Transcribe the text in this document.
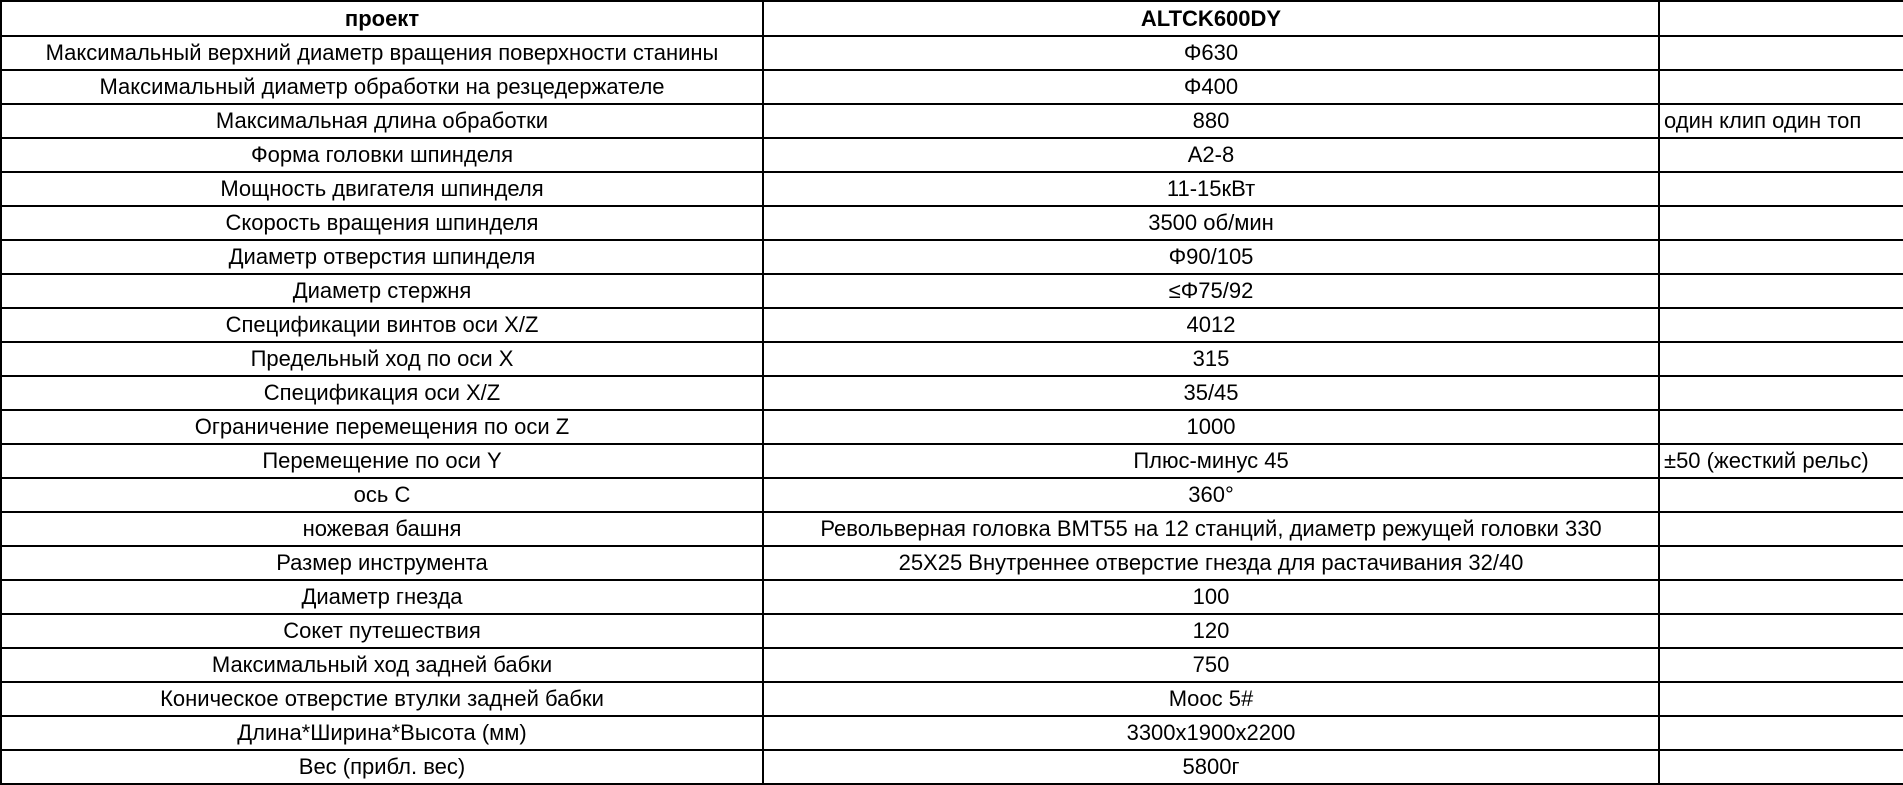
проект	ALTCK600DY	
Максимальный верхний диаметр вращения поверхности станины	Φ630	
Максимальный диаметр обработки на резцедержателе	Φ400	
Максимальная длина обработки	880	один клип один топ
Форма головки шпинделя	A2-8	
Мощность двигателя шпинделя	11-15кВт	
Скорость вращения шпинделя	3500 об/мин	
Диаметр отверстия шпинделя	Φ90/105	
Диаметр стержня	≤Φ75/92	
Спецификации винтов оси X/Z	4012	
Предельный ход по оси X	315	
Спецификация оси X/Z	35/45	
Ограничение перемещения по оси Z	1000	
Перемещение по оси Y	Плюс-минус 45	±50 (жесткий рельс)
ось С	360°	
ножевая башня	Револьверная головка BMT55 на 12 станций, диаметр режущей головки 330	
Размер инструмента	25X25 Внутреннее отверстие гнезда для растачивания 32/40	
Диаметр гнезда	100	
Сокет путешествия	120	
Максимальный ход задней бабки	750	
Коническое отверстие втулки задней бабки	Mooc 5#	
Длина*Ширина*Высота (мм)	3300x1900x2200	
Вес (прибл. вес)	5800г	
